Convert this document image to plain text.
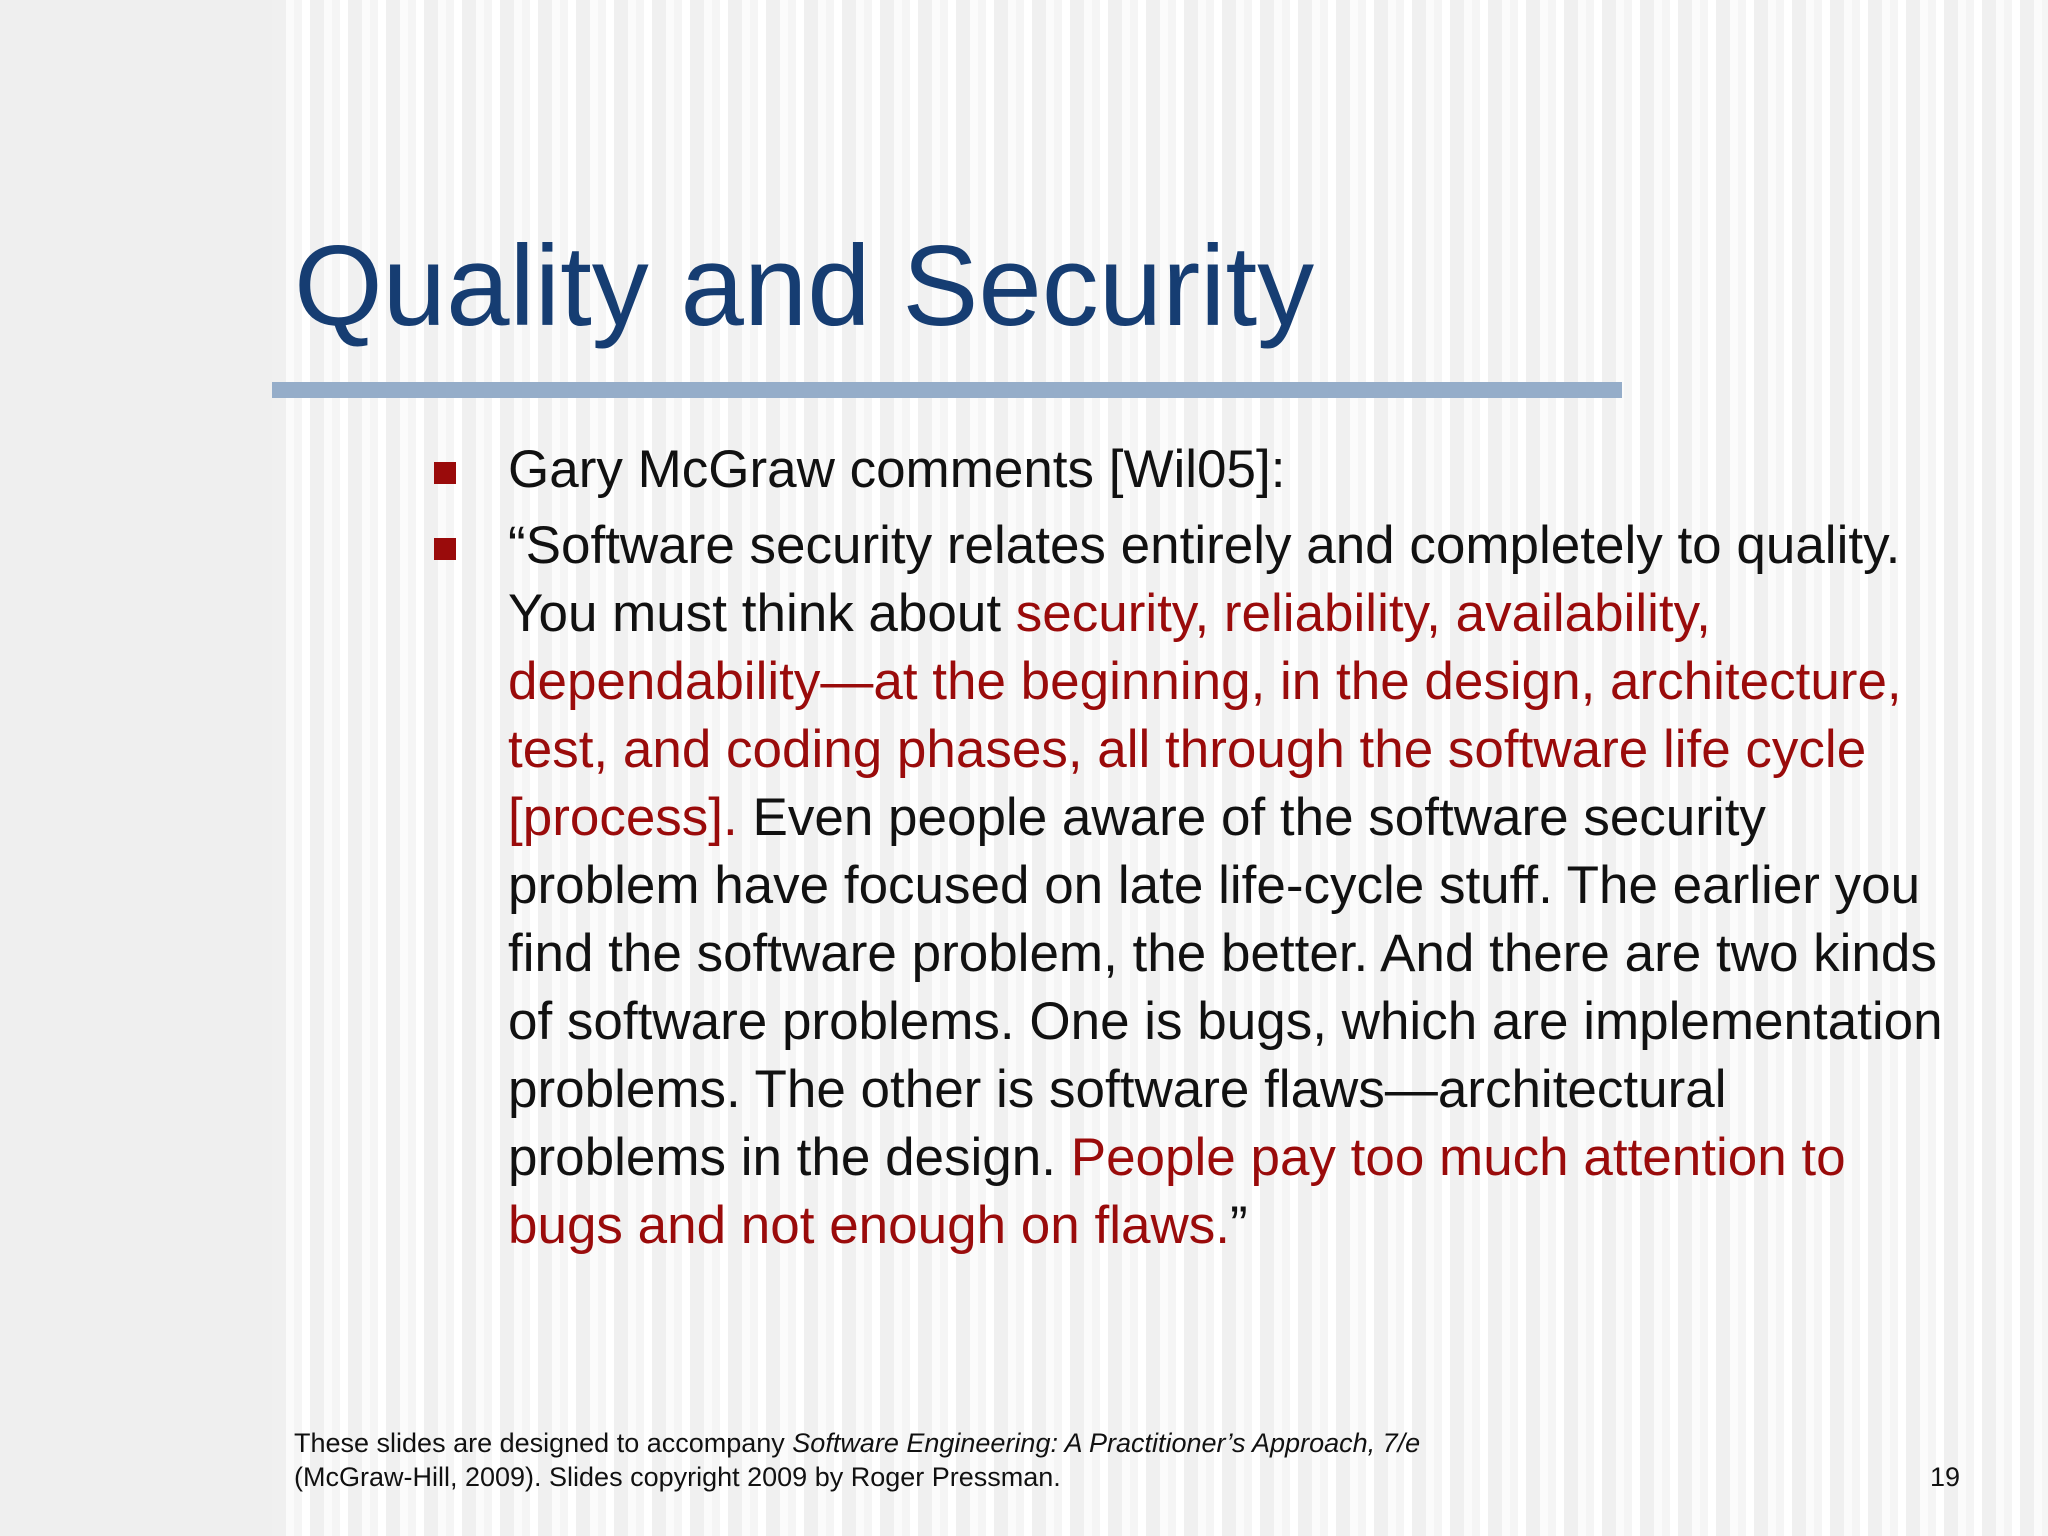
Quality and Security
Gary McGraw comments [Wil05]:
“Software security relates entirely and completely to quality. You must think about security, reliability, availability, dependability—at the beginning, in the design, architecture, test, and coding phases, all through the software life cycle [process]. Even people aware of the software security problem have focused on late life-cycle stuff. The earlier you find the software problem, the better. And there are two kinds of software problems. One is bugs, which are implementation problems. The other is software flaws—architectural problems in the design. People pay too much attention to bugs and not enough on flaws.”
These slides are designed to accompany Software Engineering: A Practitioner’s Approach, 7/e
(McGraw-Hill, 2009). Slides copyright 2009 by Roger Pressman.	19
